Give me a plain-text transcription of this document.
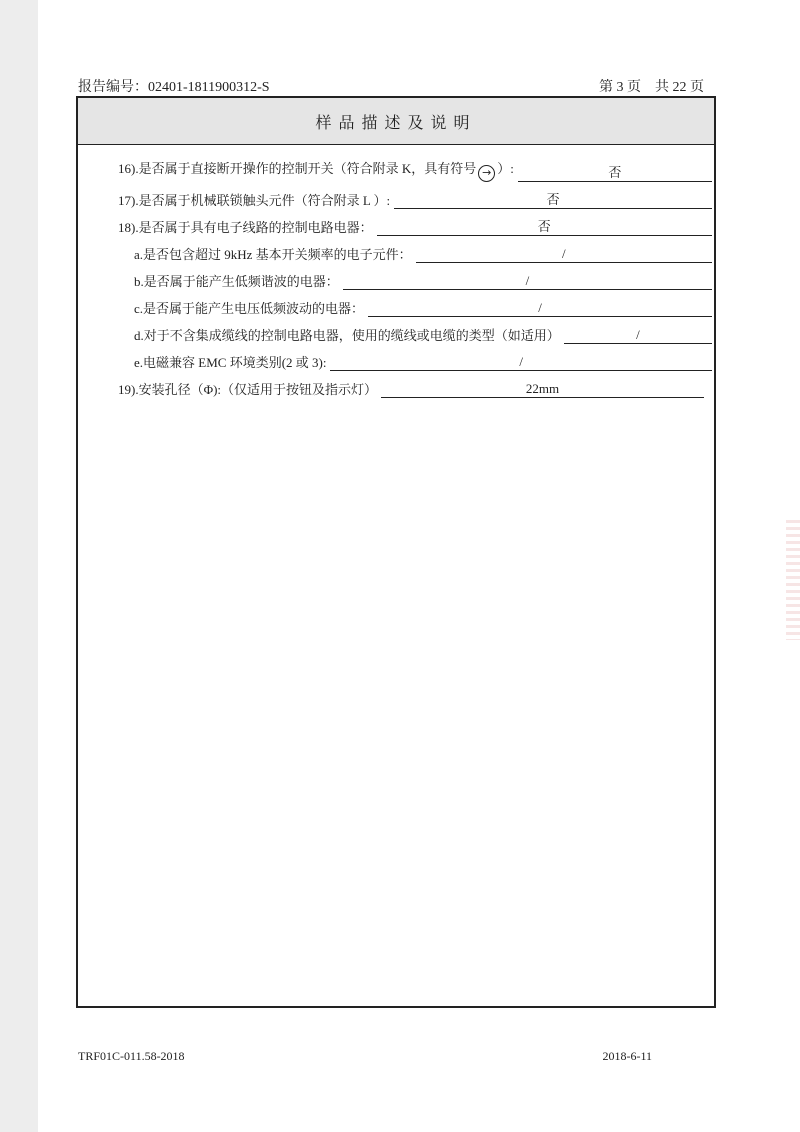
报告编号：02401-1811900312-S	第 3 页　共 22 页
样品描述及说明
16).是否属于直接断开操作的控制开关（符合附录 K，具有符号 → ）:	否
17).是否属于机械联锁触头元件（符合附录 L ）:	否
18).是否属于具有电子线路的控制电路电器：	否
a.是否包含超过 9kHz 基本开关频率的电子元件：	/
b.是否属于能产生低频谐波的电器：	/
c.是否属于能产生电压低频波动的电器：	/
d.对于不含集成缆线的控制电路电器，使用的缆线或电缆的类型（如适用）	/
e.电磁兼容 EMC 环境类别(2 或 3):	/
19).安装孔径（Φ):（仅适用于按钮及指示灯）	22mm
TRF01C-011.58-2018	2018-6-11
